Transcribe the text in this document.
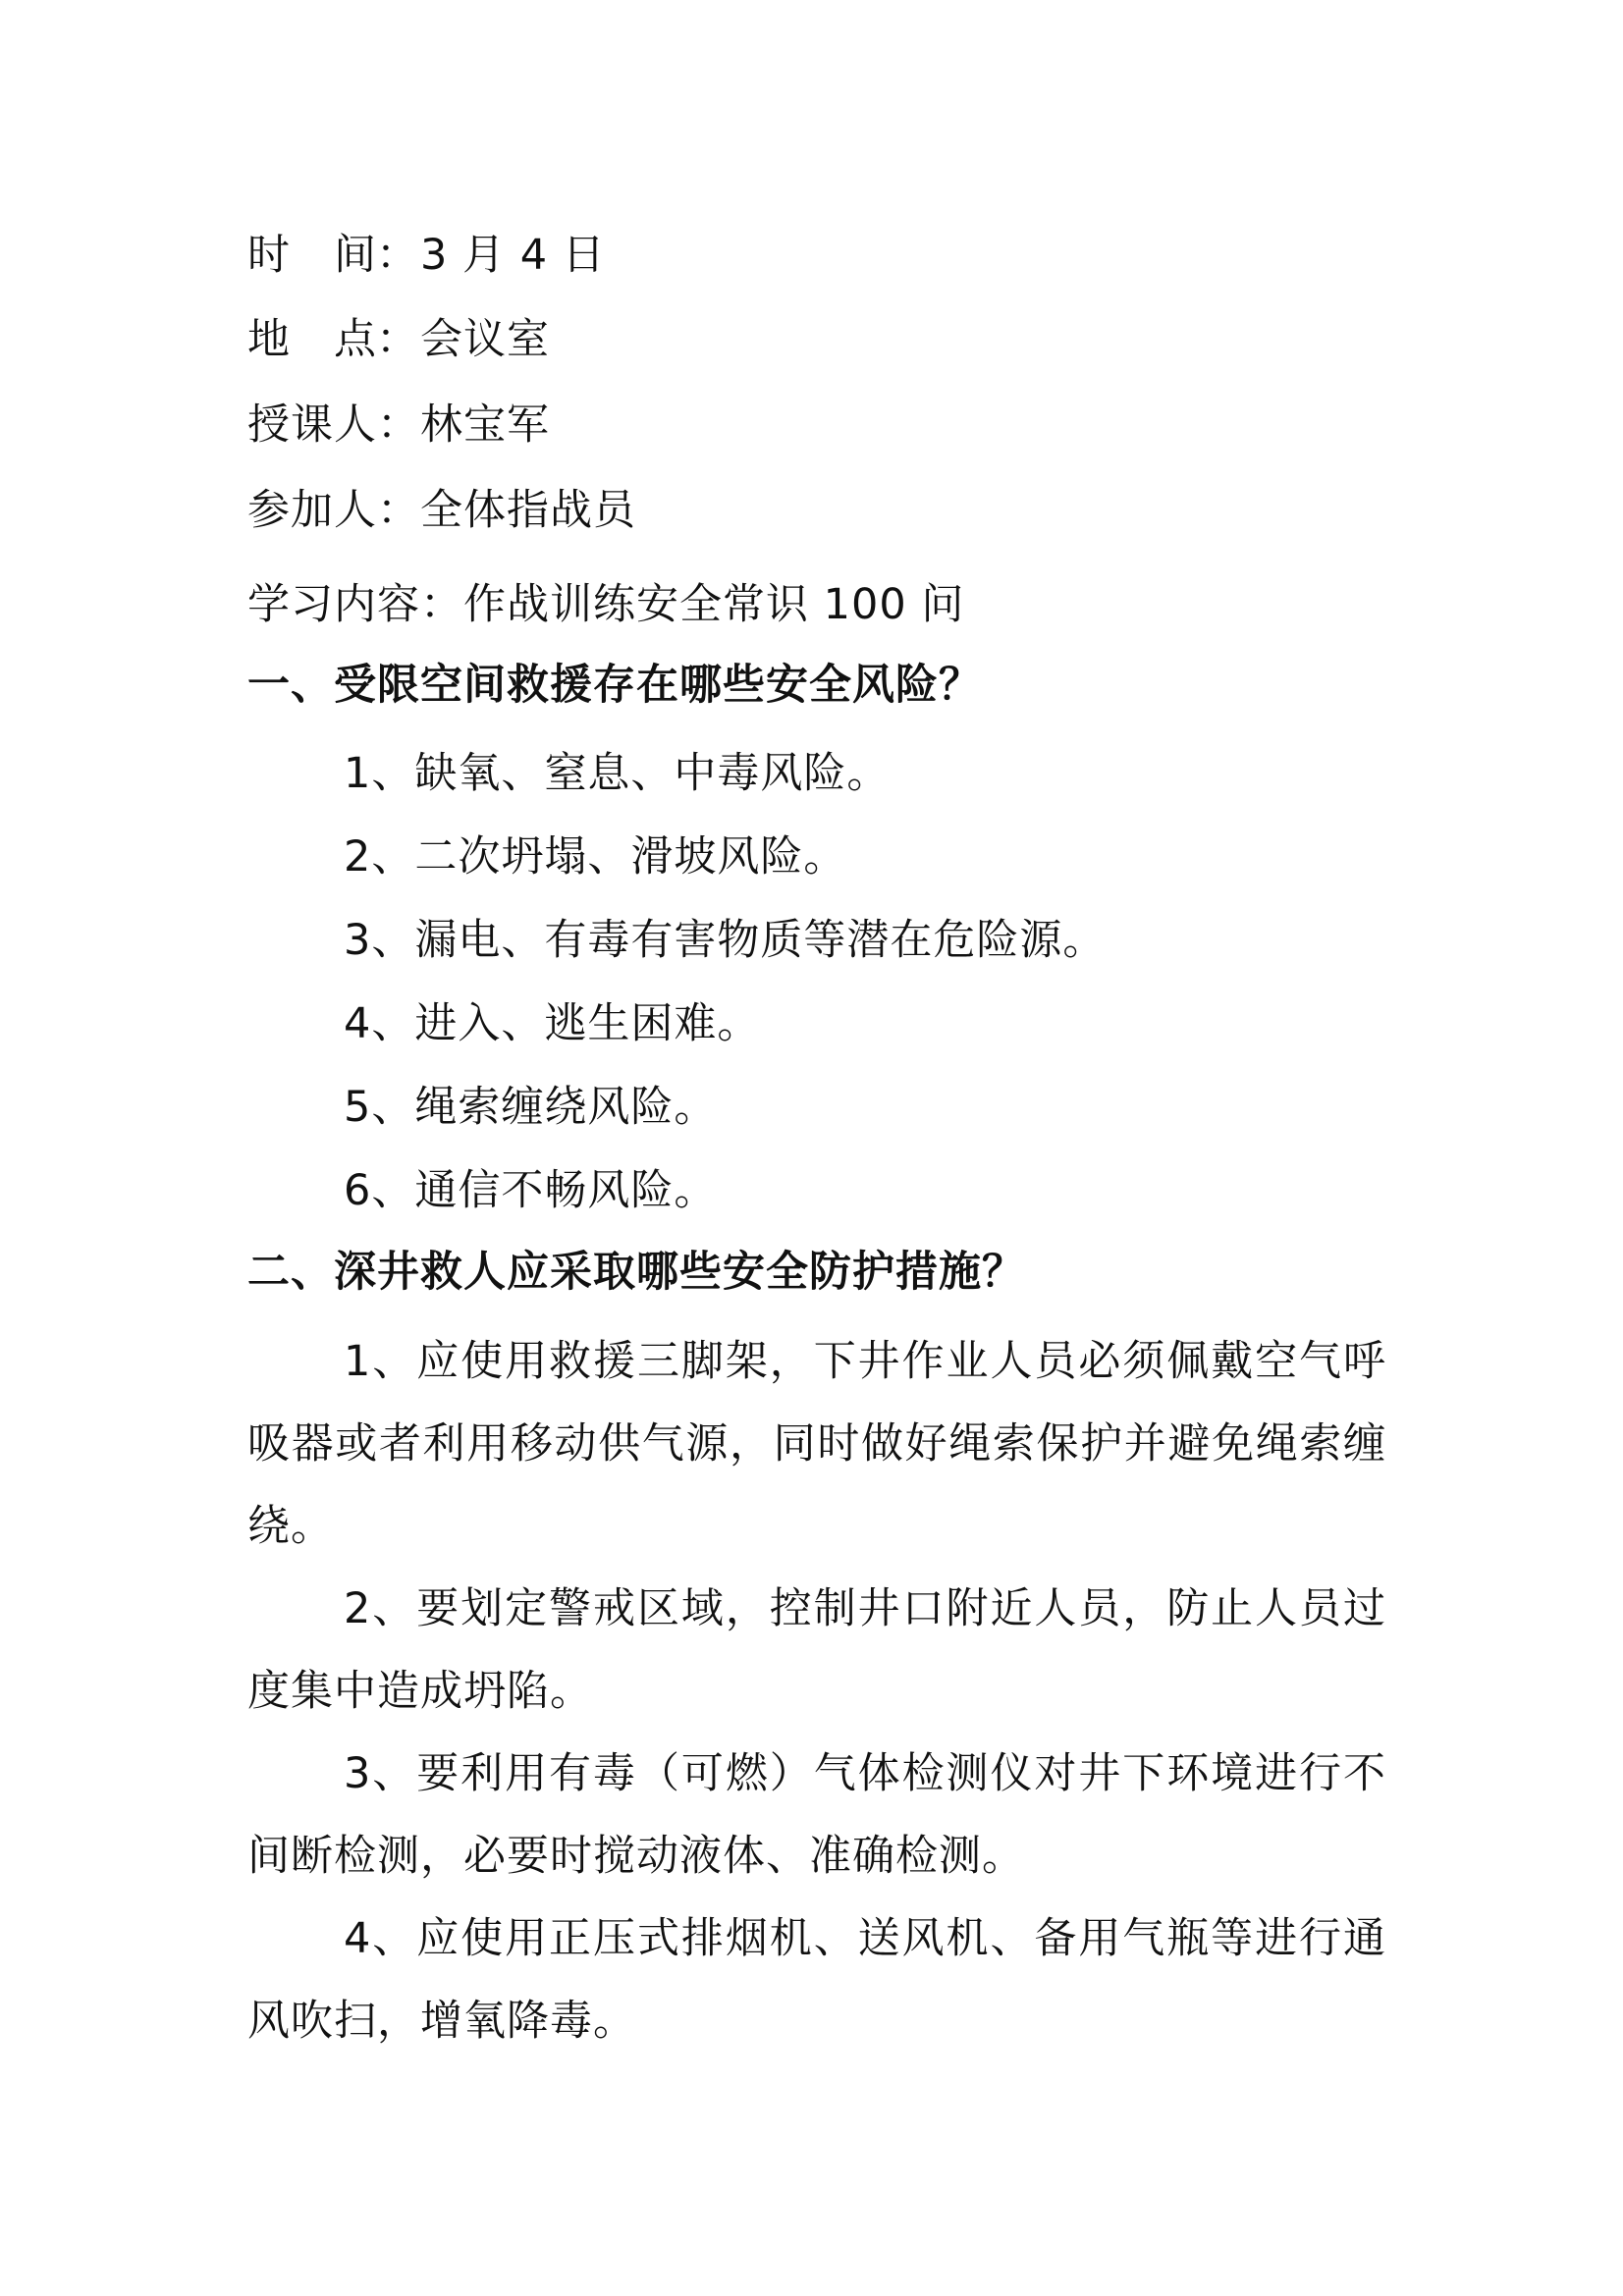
时 间：3 月 4 日
地 点：会议室
授课人：林宝军
参加人：全体指战员
学习内容：作战训练安全常识 100 问
一、受限空间救援存在哪些安全风险？
1、缺氧、窒息、中毒风险。
2、二次坍塌、滑坡风险。
3、漏电、有毒有害物质等潜在危险源。
4、进入、逃生困难。
5、绳索缠绕风险。
6、通信不畅风险。
二、深井救人应采取哪些安全防护措施？
1、应使用救援三脚架，下井作业人员必须佩戴空气呼吸器或者利用移动供气源，同时做好绳索保护并避免绳索缠绕。
2、要划定警戒区域，控制井口附近人员，防止人员过度集中造成坍陷。
3、要利用有毒（可燃）气体检测仪对井下环境进行不间断检测，必要时搅动液体、准确检测。
4、应使用正压式排烟机、送风机、备用气瓶等进行通风吹扫，增氧降毒。
